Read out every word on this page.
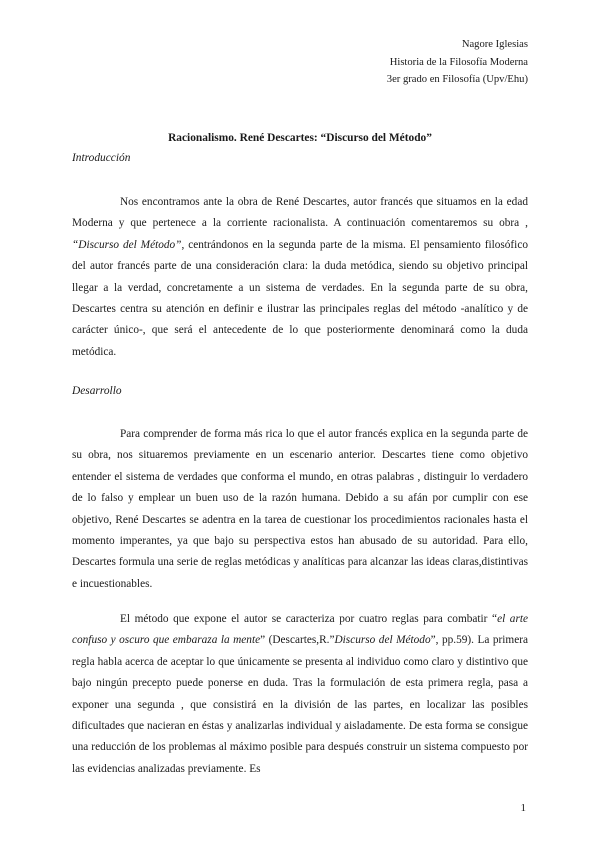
Nagore Iglesias
Historia de la Filosofía Moderna
3er grado en Filosofía (Upv/Ehu)
Racionalismo. René Descartes: “Discurso del Método”
Introducción

Nos encontramos ante la obra de René Descartes, autor francés que situamos en la edad Moderna y que pertenece a la corriente racionalista. A continuación comentaremos su obra , “Discurso del Método”, centrándonos en la segunda parte de la misma. El pensamiento filosófico del autor francés parte de una consideración clara: la duda metódica, siendo su objetivo principal llegar a la verdad, concretamente a un sistema de verdades. En la segunda parte de su obra, Descartes centra su atención en definir e ilustrar las principales reglas del método -analítico y de carácter único-, que será el antecedente de lo que posteriormente denominará como la duda metódica.

Desarrollo

Para comprender de forma más rica lo que el autor francés explica en la segunda parte de su obra, nos situaremos previamente en un escenario anterior. Descartes tiene como objetivo entender el sistema de verdades que conforma el mundo, en otras palabras , distinguir lo verdadero de lo falso y emplear un buen uso de la razón humana. Debido a su afán por cumplir con ese objetivo, René Descartes se adentra en la tarea de cuestionar los procedimientos racionales hasta el momento imperantes, ya que bajo su perspectiva estos han abusado de su autoridad. Para ello, Descartes formula una serie de reglas metódicas y analíticas para alcanzar las ideas claras,distintivas e incuestionables.

El método que expone el autor se caracteriza por cuatro reglas para combatir “el arte confuso y oscuro que embaraza la mente” (Descartes,R.”Discurso del Método”, pp.59). La primera regla habla acerca de aceptar lo que únicamente se presenta al individuo como claro y distintivo que bajo ningún precepto puede ponerse en duda. Tras la formulación de esta primera regla, pasa a exponer una segunda , que consistirá en la división de las partes, en localizar las posibles dificultades que nacieran en éstas y analizarlas individual y aisladamente. De esta forma se consigue una reducción de los problemas al máximo posible para después construir un sistema compuesto por las evidencias analizadas previamente. Es

1
